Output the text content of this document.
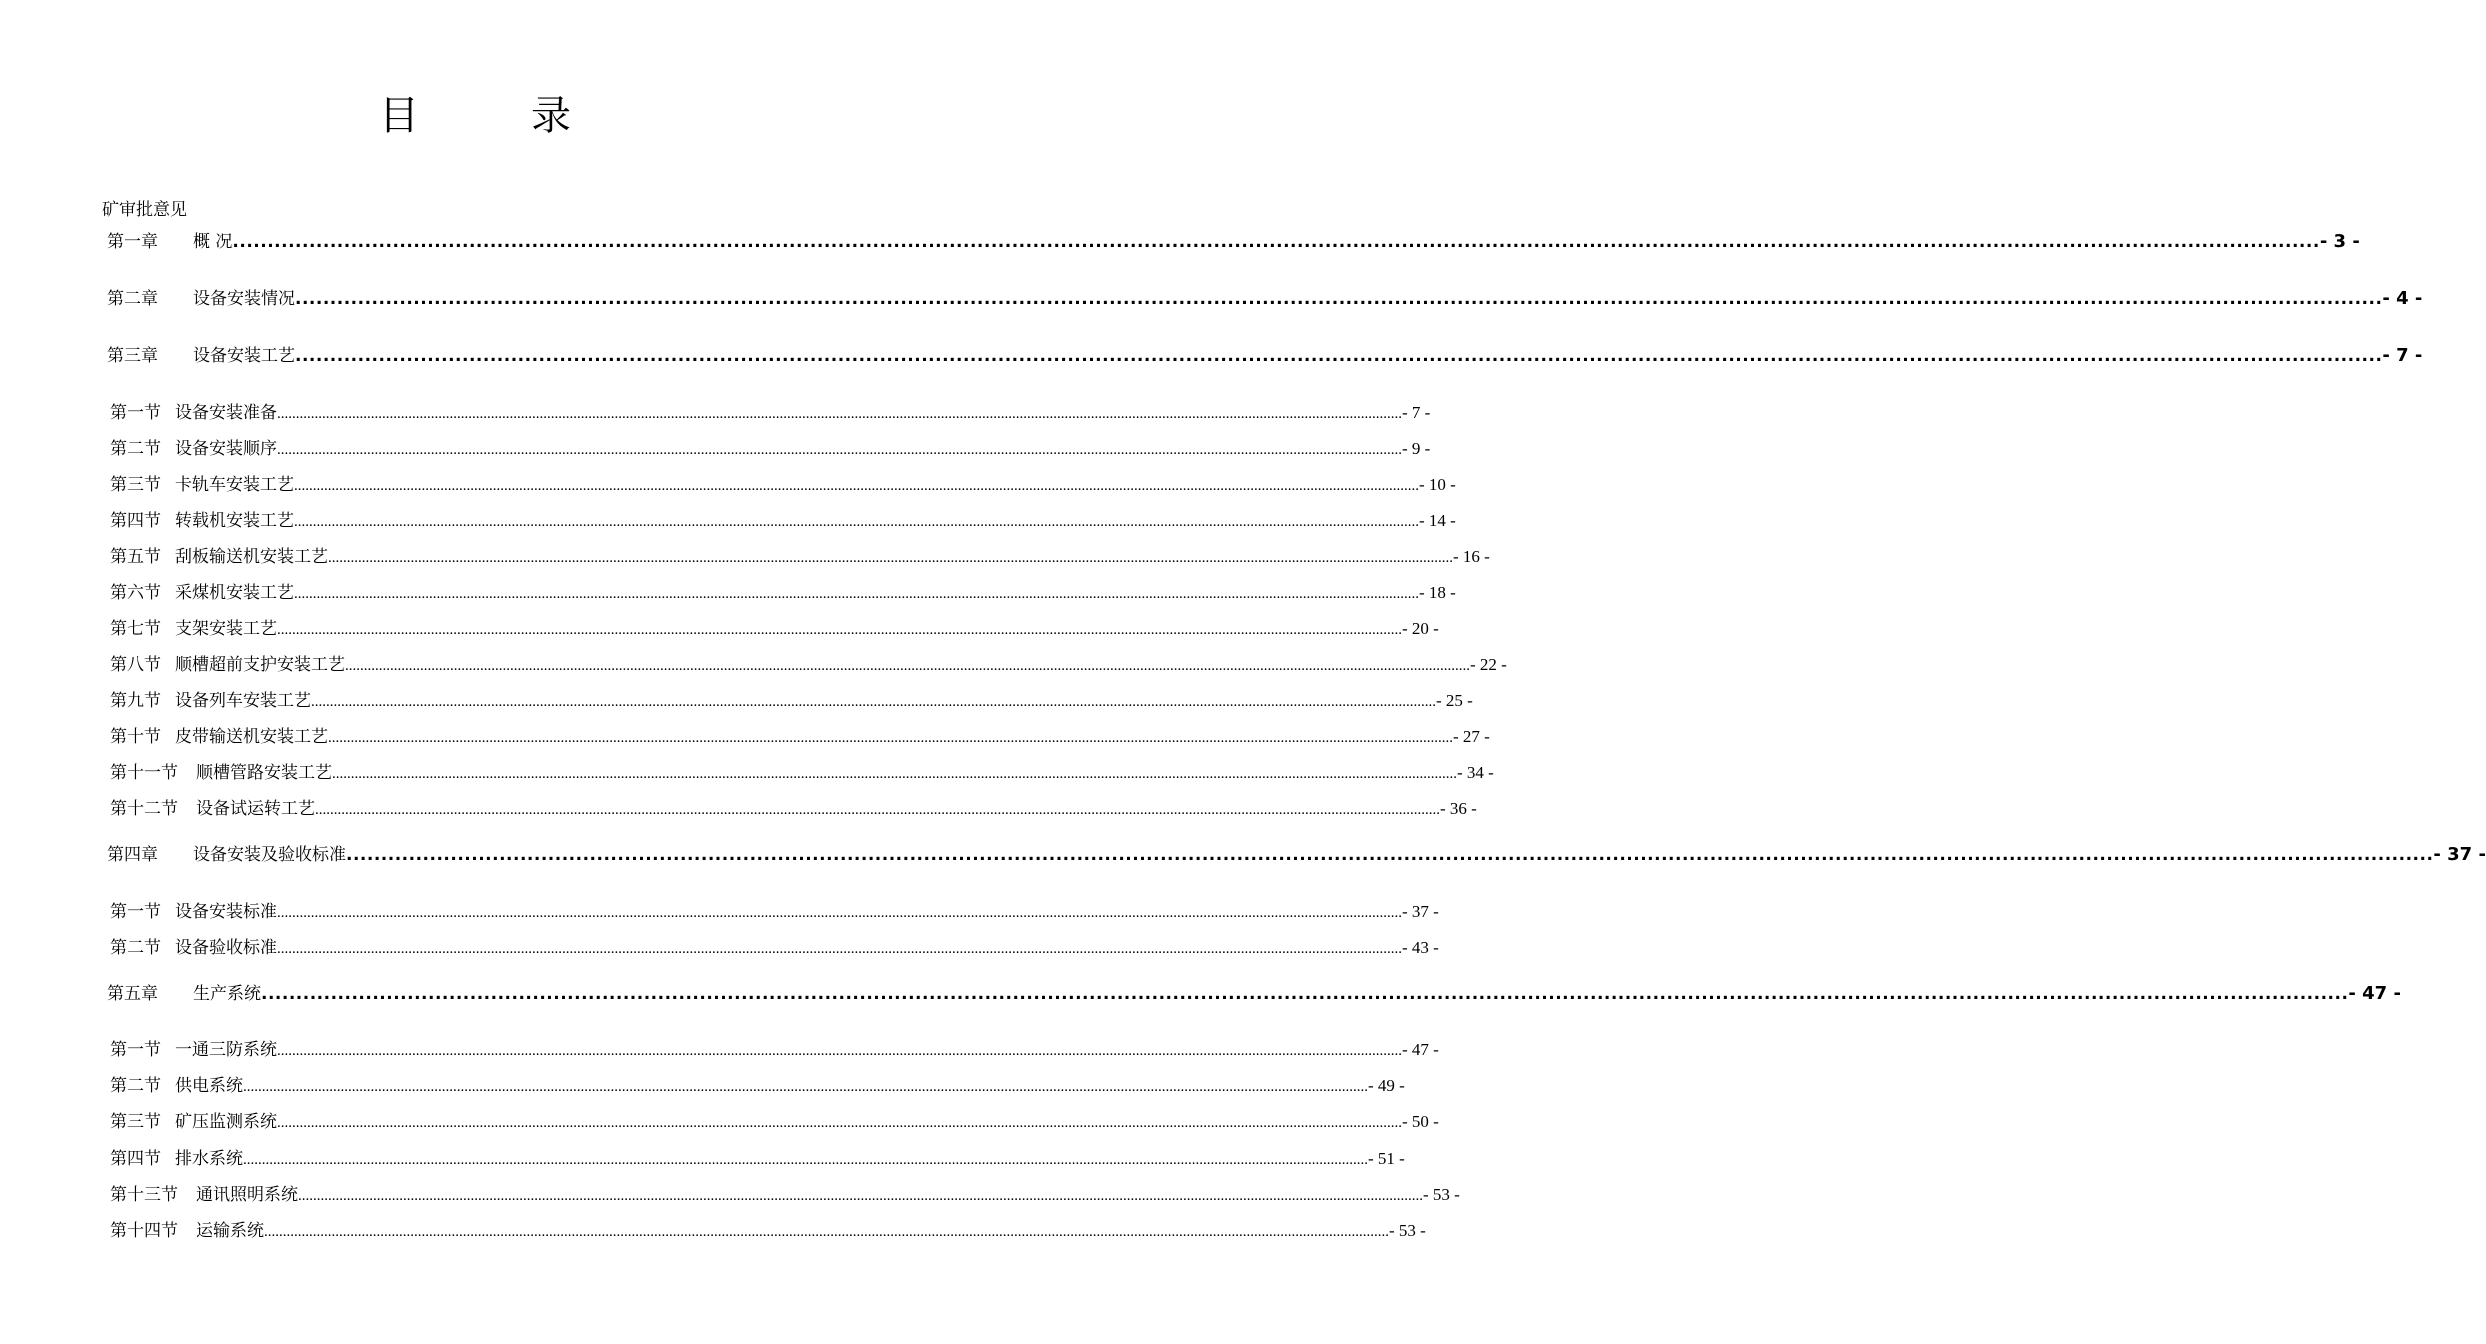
目　录
矿审批意见
第一章	概 况 ............................................................................................................................................................................................................................................................................................................ - 3 -
第二章	设备安装情况 ............................................................................................................................................................................................................................................................................................................ - 4 -
第三章	设备安装工艺 ............................................................................................................................................................................................................................................................................................................ - 7 -
第一节 设备安装准备 ............................................................................................................................................................................................................................................................................................................ - 7 -
第二节 设备安装顺序 ............................................................................................................................................................................................................................................................................................................ - 9 -
第三节 卡轨车安装工艺 ............................................................................................................................................................................................................................................................................................................ - 10 -
第四节 转载机安装工艺 ............................................................................................................................................................................................................................................................................................................ - 14 -
第五节 刮板输送机安装工艺 ............................................................................................................................................................................................................................................................................................................ - 16 -
第六节 采煤机安装工艺 ............................................................................................................................................................................................................................................................................................................ - 18 -
第七节 支架安装工艺 ............................................................................................................................................................................................................................................................................................................ - 20 -
第八节 顺槽超前支护安装工艺 ............................................................................................................................................................................................................................................................................................................ - 22 -
第九节 设备列车安装工艺 ............................................................................................................................................................................................................................................................................................................ - 25 -
第十节 皮带输送机安装工艺 ............................................................................................................................................................................................................................................................................................................ - 27 -
第十一节	顺槽管路安装工艺 ............................................................................................................................................................................................................................................................................................................ - 34 -
第十二节	设备试运转工艺 ............................................................................................................................................................................................................................................................................................................ - 36 -
第四章	设备安装及验收标准 ............................................................................................................................................................................................................................................................................................................ - 37 -
第一节 设备安装标准 ............................................................................................................................................................................................................................................................................................................ - 37 -
第二节 设备验收标准 ............................................................................................................................................................................................................................................................................................................ - 43 -
第五章	生产系统 ............................................................................................................................................................................................................................................................................................................ - 47 -
第一节 一通三防系统 ............................................................................................................................................................................................................................................................................................................ - 47 -
第二节 供电系统 ............................................................................................................................................................................................................................................................................................................ - 49 -
第三节 矿压监测系统 ............................................................................................................................................................................................................................................................................................................ - 50 -
第四节 排水系统 ............................................................................................................................................................................................................................................................................................................ - 51 -
第十三节	通讯照明系统 ............................................................................................................................................................................................................................................................................................................ - 53 -
第十四节	运输系统 ............................................................................................................................................................................................................................................................................................................ - 53 -
